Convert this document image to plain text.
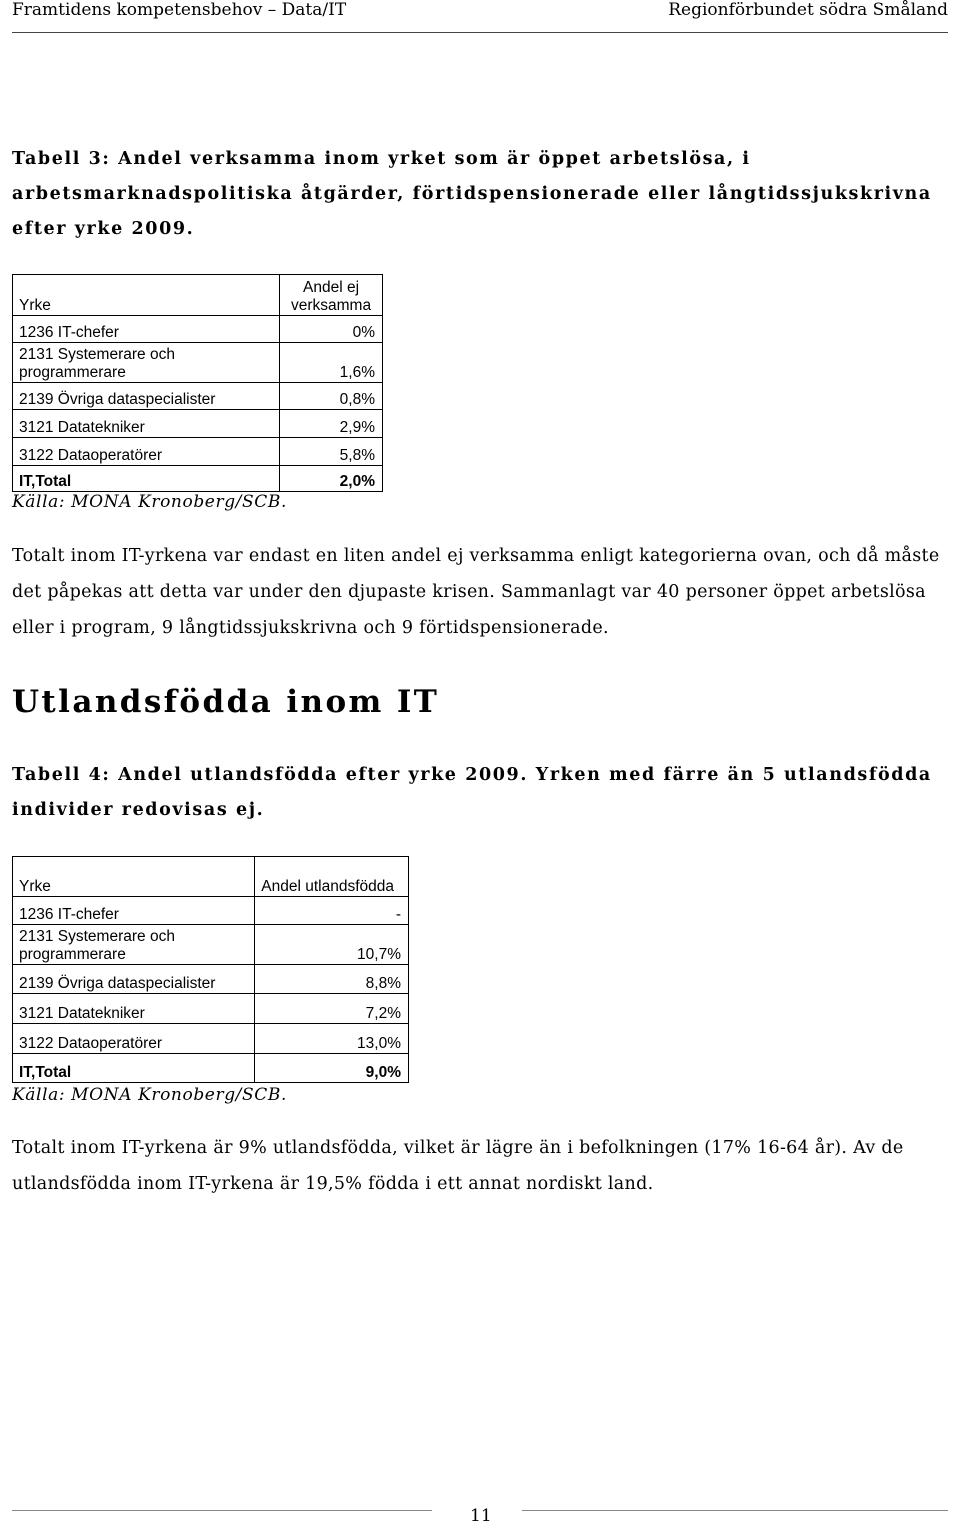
Framtidens kompetensbehov – Data/IT	Regionförbundet södra Småland
Tabell 3: Andel verksamma inom yrket som är öppet arbetslösa, i arbetsmarknadspolitiska åtgärder, förtidspensionerade eller långtidssjukskrivna efter yrke 2009.
Yrke	Andel ej verksamma
1236 IT-chefer	0%
2131 Systemerare och programmerare	1,6%
2139 Övriga dataspecialister	0,8%
3121 Datatekniker	2,9%
3122 Dataoperatörer	5,8%
IT,Total	2,0%
Källa: MONA Kronoberg/SCB.
Totalt inom IT-yrkena var endast en liten andel ej verksamma enligt kategorierna ovan, och då måste det påpekas att detta var under den djupaste krisen. Sammanlagt var 40 personer öppet arbetslösa eller i program, 9 långtidssjukskrivna och 9 förtidspensionerade.
Utlandsfödda inom IT
Tabell 4: Andel utlandsfödda efter yrke 2009. Yrken med färre än 5 utlandsfödda individer redovisas ej.
Yrke	Andel utlandsfödda
1236 IT-chefer	-
2131 Systemerare och programmerare	10,7%
2139 Övriga dataspecialister	8,8%
3121 Datatekniker	7,2%
3122 Dataoperatörer	13,0%
IT,Total	9,0%
Källa: MONA Kronoberg/SCB.
Totalt inom IT-yrkena är 9% utlandsfödda, vilket är lägre än i befolkningen (17% 16-64 år). Av de utlandsfödda inom IT-yrkena är 19,5% födda i ett annat nordiskt land.
11
